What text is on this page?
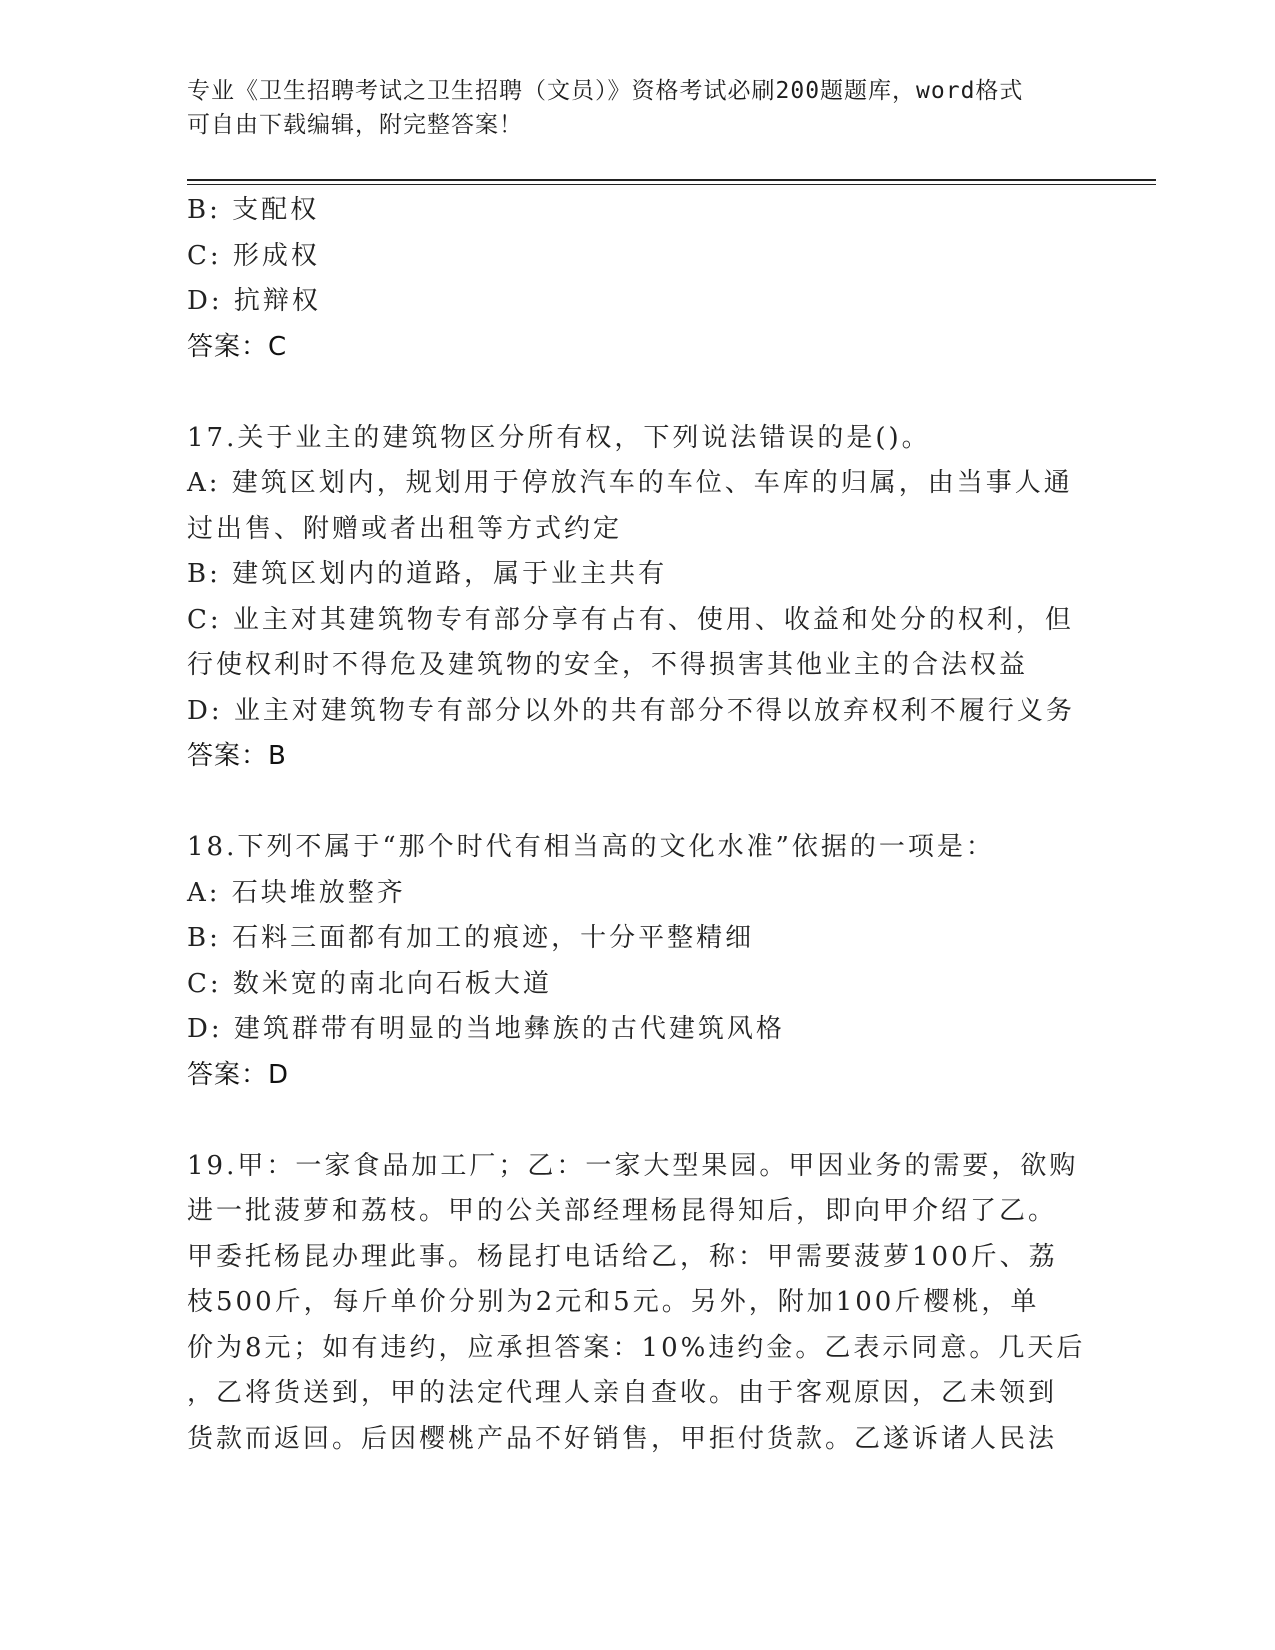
专业《卫生招聘考试之卫生招聘（文员）》资格考试必刷200题题库，word格式
可自由下载编辑，附完整答案！
B: 支配权
C: 形成权
D: 抗辩权
答案：C
17.关于业主的建筑物区分所有权，下列说法错误的是()。
A: 建筑区划内，规划用于停放汽车的车位、车库的归属，由当事人通
过出售、附赠或者出租等方式约定
B: 建筑区划内的道路，属于业主共有
C: 业主对其建筑物专有部分享有占有、使用、收益和处分的权利，但
行使权利时不得危及建筑物的安全，不得损害其他业主的合法权益
D: 业主对建筑物专有部分以外的共有部分不得以放弃权利不履行义务
答案：B
18.下列不属于“那个时代有相当高的文化水准”依据的一项是：
A: 石块堆放整齐
B: 石料三面都有加工的痕迹，十分平整精细
C: 数米宽的南北向石板大道
D: 建筑群带有明显的当地彝族的古代建筑风格
答案：D
19.甲：一家食品加工厂；乙：一家大型果园。甲因业务的需要，欲购
进一批菠萝和荔枝。甲的公关部经理杨昆得知后，即向甲介绍了乙。
甲委托杨昆办理此事。杨昆打电话给乙，称：甲需要菠萝100斤、荔
枝500斤，每斤单价分别为2元和5元。另外，附加100斤樱桃，单
价为8元；如有违约，应承担答案：10%违约金。乙表示同意。几天后
，乙将货送到，甲的法定代理人亲自查收。由于客观原因，乙未领到
货款而返回。后因樱桃产品不好销售，甲拒付货款。乙遂诉诸人民法
